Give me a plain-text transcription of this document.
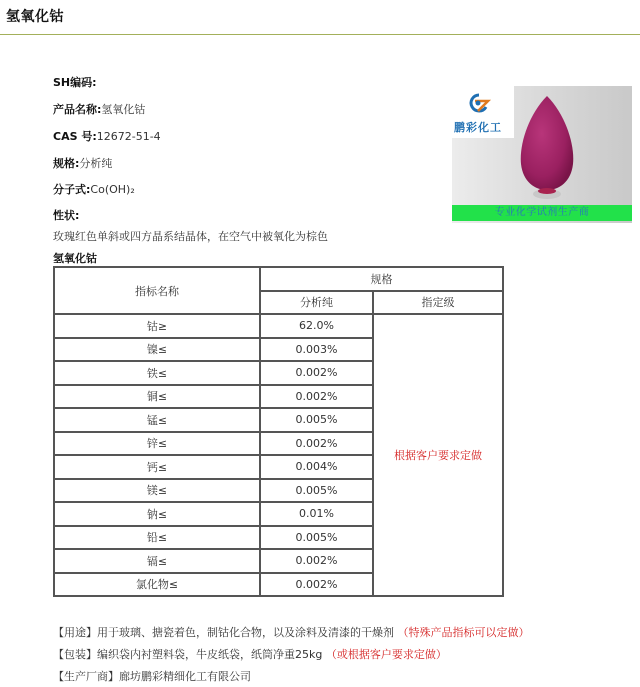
氢氧化钴
SH编码:
产品名称:氢氧化钴
CAS 号:12672-51-4
规格:分析纯
分子式:Co(OH)₂
性状:
玫瑰红色单斜或四方晶系结晶体，在空气中被氧化为棕色
鹏彩化工
专业化学试剂生产商
氢氧化钴
指标名称	规格	
	分析纯	指定级
钴≥	62.0%	根据客户要求定做
镍≤	0.003%	
铁≤	0.002%	
铜≤	0.002%	
锰≤	0.005%	
锌≤	0.002%	
钙≤	0.004%	
镁≤	0.005%	
钠≤	0.01%	
铅≤	0.005%	
镉≤	0.002%	
氯化物≤	0.002%	
【用途】用于玻璃、搪瓷着色，制钴化合物，以及涂料及清漆的干燥剂 （特殊产品指标可以定做）
【包装】编织袋内衬塑料袋，牛皮纸袋，纸筒净重25kg （或根据客户要求定做）
【生产厂商】廊坊鹏彩精细化工有限公司
